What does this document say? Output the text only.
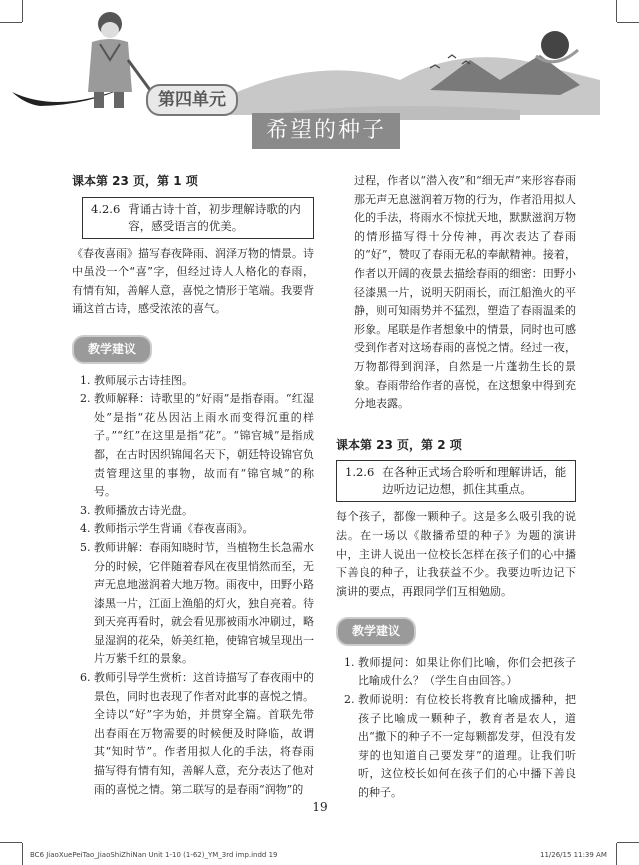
第四单元
希望的种子
课本第 23 页，第 1 项
4.2.6 背诵古诗十首，初步理解诗歌的内容，感受语言的优美。

《春夜喜雨》描写春夜降雨、润泽万物的情景。诗中虽没一个“喜”字，但经过诗人人格化的春雨，有情有知，善解人意，喜悦之情形于笔端。我要背诵这首古诗，感受浓浓的喜气。

教学建议
1. 教师展示古诗挂图。
2. 教师解释：诗歌里的“好雨”是指春雨。“红湿处”是指“花丛因沾上雨水而变得沉重的样子。”“红”在这里是指“花”。“锦官城”是指成都，在古时因织锦闻名天下，朝廷特设锦官负责管理这里的事物，故而有“锦官城”的称号。
3. 教师播放古诗光盘。
4. 教师指示学生背诵《春夜喜雨》。
5. 教师讲解：春雨知晓时节，当植物生长急需水分的时候，它伴随着春风在夜里悄然而至，无声无息地滋润着大地万物。雨夜中，田野小路漆黑一片，江面上渔船的灯火，独自亮着。待到天亮再看时，就会看见那被雨水冲刷过，略显湿润的花朵，娇美红艳，使锦官城呈现出一片万紫千红的景象。
6. 教师引导学生赏析：这首诗描写了春夜雨中的景色，同时也表现了作者对此事的喜悦之情。全诗以“好”字为始，并贯穿全篇。首联先带出春雨在万物需要的时候便及时降临，故谓其“知时节”。作者用拟人化的手法，将春雨描写得有情有知，善解人意，充分表达了他对雨的喜悦之情。第二联写的是春雨“润物”的

过程，作者以“潜入夜”和“细无声”来形容春雨那无声无息滋润着万物的行为，作者沿用拟人化的手法，将雨水不惊扰天地，默默滋润万物的情形描写得十分传神，再次表达了春雨的“好”，赞叹了春雨无私的奉献精神。接着，作者以开阔的夜景去描绘春雨的细密：田野小径漆黑一片，说明天阴雨长，而江船渔火的平静，则可知雨势并不猛烈，塑造了春雨温柔的形象。尾联是作者想象中的情景，同时也可感受到作者对这场春雨的喜悦之情。经过一夜，万物都得到润泽，自然是一片蓬勃生长的景象。春雨带给作者的喜悦，在这想象中得到充分地表露。

课本第 23 页，第 2 项
1.2.6 在各种正式场合聆听和理解讲话，能边听边记边想，抓住其重点。

每个孩子，都像一颗种子。这是多么吸引我的说法。在一场以《散播希望的种子》为题的演讲中，主讲人说出一位校长怎样在孩子们的心中播下善良的种子，让我获益不少。我要边听边记下演讲的要点，再跟同学们互相勉励。

教学建议
1. 教师提问：如果让你们比喻，你们会把孩子比喻成什么？（学生自由回答。）
2. 教师说明：有位校长将教育比喻成播种，把孩子比喻成一颗种子，教育者是农人，道出“撒下的种子不一定每颗都发芽，但没有发芽的也知道自己要发芽”的道理。让我们听听，这位校长如何在孩子们的心中播下善良的种子。
19
BC6 JiaoXuePeiTao_JiaoShiZhiNan Unit 1-10 (1-62)_YM_3rd imp.indd 19	11/26/15 11:39 AM
